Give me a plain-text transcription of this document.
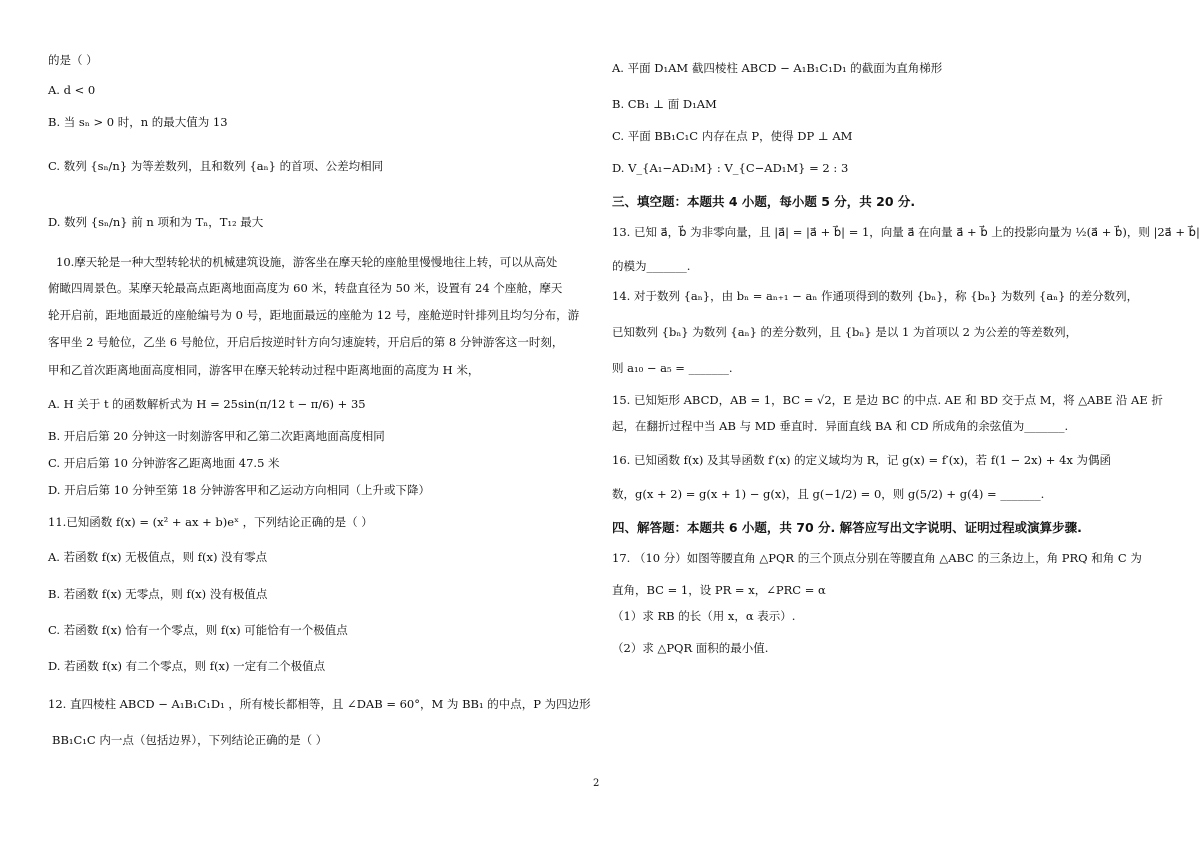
的是（ ）
A. d < 0
B. 当 sₙ > 0 时，n 的最大值为 13
C. 数列 {sₙ/n} 为等差数列，且和数列 {aₙ} 的首项、公差均相同
D. 数列 {sₙ/n} 前 n 项和为 Tₙ，T₁₂ 最大
10.摩天轮是一种大型转轮状的机械建筑设施，游客坐在摩天轮的座舱里慢慢地往上转，可以从高处
俯瞰四周景色。某摩天轮最高点距离地面高度为 60 米，转盘直径为 50 米，设置有 24 个座舱，摩天
轮开启前，距地面最近的座舱编号为 0 号，距地面最远的座舱为 12 号，座舱逆时针排列且均匀分布，游
客甲坐 2 号舱位，乙坐 6 号舱位，开启后按逆时针方向匀速旋转，开启后的第 8 分钟游客这一时刻，
甲和乙首次距离地面高度相同，游客甲在摩天轮转动过程中距离地面的高度为 H 米，
A. H 关于 t 的函数解析式为 H = 25sin(π/12 t − π/6) + 35
B. 开启后第 20 分钟这一时刻游客甲和乙第二次距离地面高度相同
C. 开启后第 10 分钟游客乙距离地面 47.5 米
D. 开启后第 10 分钟至第 18 分钟游客甲和乙运动方向相同（上升或下降）
11.已知函数 f(x) = (x² + ax + b)eˣ ，下列结论正确的是（ ）
A. 若函数 f(x) 无极值点，则 f(x) 没有零点
B. 若函数 f(x) 无零点，则 f(x) 没有极值点
C. 若函数 f(x) 恰有一个零点，则 f(x) 可能恰有一个极值点
D. 若函数 f(x) 有二个零点，则 f(x) 一定有二个极值点
12. 直四棱柱 ABCD − A₁B₁C₁D₁ ，所有棱长都相等，且 ∠DAB = 60°，M 为 BB₁ 的中点，P 为四边形
BB₁C₁C 内一点（包括边界），下列结论正确的是（ ）
A. 平面 D₁AM 截四棱柱 ABCD − A₁B₁C₁D₁ 的截面为直角梯形
B. CB₁ ⊥ 面 D₁AM
C. 平面 BB₁C₁C 内存在点 P，使得 DP ⊥ AM
D. V_{A₁−AD₁M} : V_{C−AD₁M} = 2 : 3
三、填空题：本题共 4 小题，每小题 5 分，共 20 分.
13. 已知 a⃗，b⃗ 为非零向量，且 |a⃗| = |a⃗ + b⃗| = 1，向量 a⃗ 在向量 a⃗ + b⃗ 上的投影向量为 ½(a⃗ + b⃗)，则 |2a⃗ + b⃗|
的模为_______.
14. 对于数列 {aₙ}，由 bₙ = aₙ₊₁ − aₙ 作通项得到的数列 {bₙ}，称 {bₙ} 为数列 {aₙ} 的差分数列，
已知数列 {bₙ} 为数列 {aₙ} 的差分数列，且 {bₙ} 是以 1 为首项以 2 为公差的等差数列，
则 a₁₀ − a₅ = _______.
15. 已知矩形 ABCD，AB = 1，BC = √2，E 是边 BC 的中点. AE 和 BD 交于点 M，将 △ABE 沿 AE 折
起，在翻折过程中当 AB 与 MD 垂直时．异面直线 BA 和 CD 所成角的余弦值为_______.
16. 已知函数 f(x) 及其导函数 f′(x) 的定义域均为 R，记 g(x) = f′(x)，若 f(1 − 2x) + 4x 为偶函
数，g(x + 2) = g(x + 1) − g(x)，且 g(−1/2) = 0，则 g(5/2) + g(4) = _______.
四、解答题：本题共 6 小题，共 70 分. 解答应写出文字说明、证明过程或演算步骤.
17. （10 分）如图等腰直角 △PQR 的三个顶点分别在等腰直角 △ABC 的三条边上，角 PRQ 和角 C 为
直角，BC = 1，设 PR = x，∠PRC = α
（1）求 RB 的长（用 x，α 表示）.
（2）求 △PQR 面积的最小值.
2
